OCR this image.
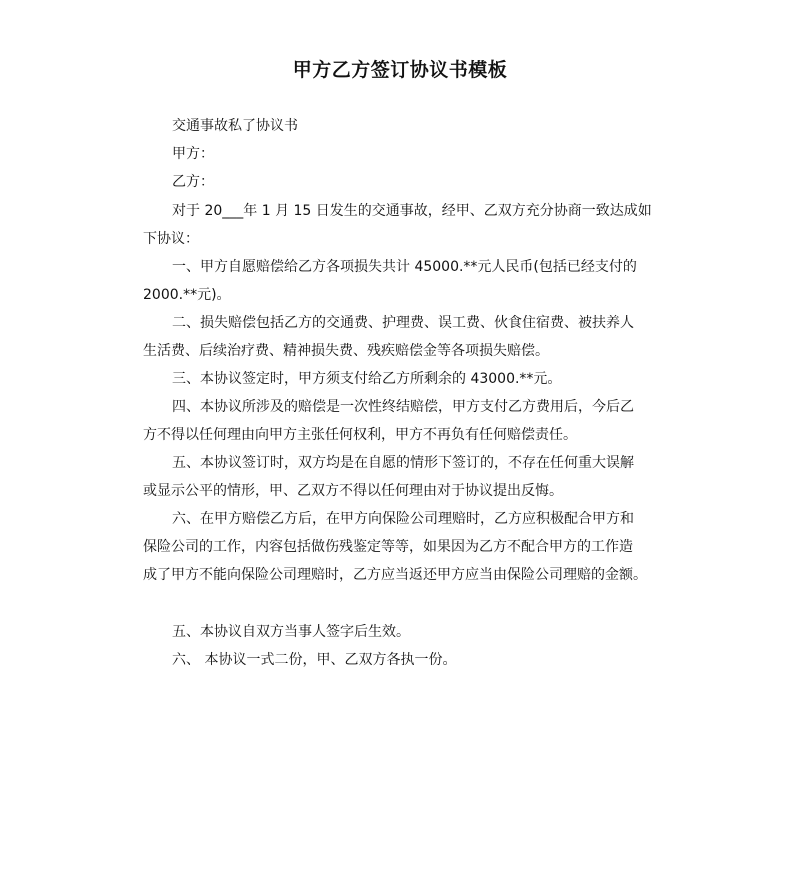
甲方乙方签订协议书模板
交通事故私了协议书
甲方：
乙方：
对于 20___年 1 月 15 日发生的交通事故，经甲、乙双方充分协商一致达成如
下协议：
一、甲方自愿赔偿给乙方各项损失共计 45000.**元人民币(包括已经支付的
2000.**元)。
二、损失赔偿包括乙方的交通费、护理费、误工费、伙食住宿费、被扶养人
生活费、后续治疗费、精神损失费、残疾赔偿金等各项损失赔偿。
三、本协议签定时，甲方须支付给乙方所剩余的 43000.**元。
四、本协议所涉及的赔偿是一次性终结赔偿，甲方支付乙方费用后，今后乙
方不得以任何理由向甲方主张任何权利，甲方不再负有任何赔偿责任。
五、本协议签订时，双方均是在自愿的情形下签订的，不存在任何重大误解
或显示公平的情形，甲、乙双方不得以任何理由对于协议提出反悔。
六、在甲方赔偿乙方后，在甲方向保险公司理赔时，乙方应积极配合甲方和
保险公司的工作，内容包括做伤残鉴定等等，如果因为乙方不配合甲方的工作造
成了甲方不能向保险公司理赔时，乙方应当返还甲方应当由保险公司理赔的金额。
五、本协议自双方当事人签字后生效。
六、 本协议一式二份，甲、乙双方各执一份。
